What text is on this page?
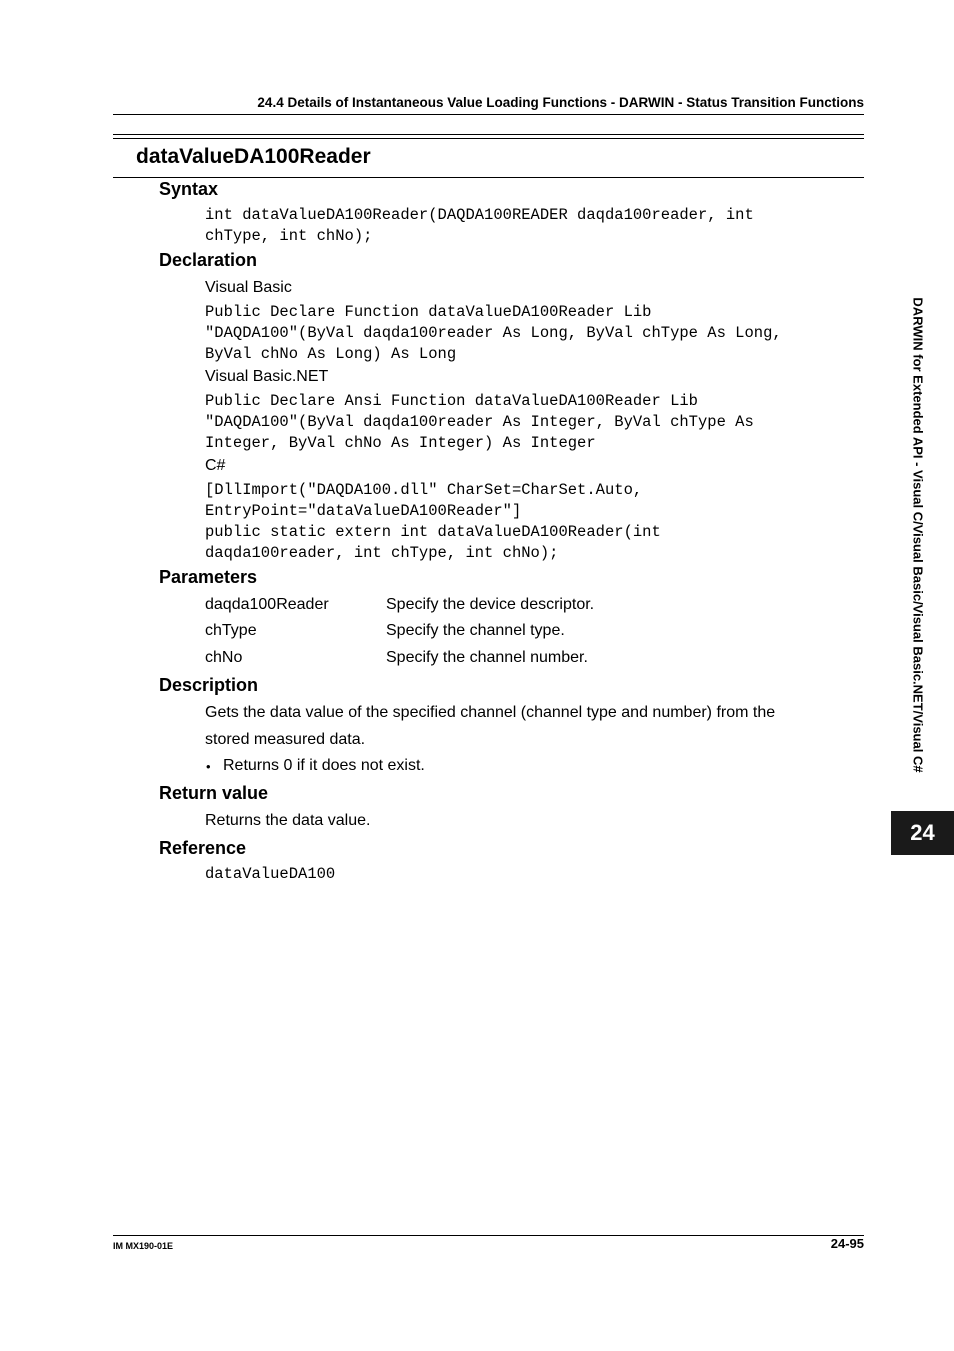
24.4 Details of Instantaneous Value Loading Functions - DARWIN - Status Transition Functions
dataValueDA100Reader
Syntax
int dataValueDA100Reader(DAQDA100READER daqda100reader, int
chType, int chNo);
Declaration
Visual Basic
Public Declare Function dataValueDA100Reader Lib
"DAQDA100"(ByVal daqda100reader As Long, ByVal chType As Long,
ByVal chNo As Long) As Long
Visual Basic.NET
Public Declare Ansi Function dataValueDA100Reader Lib
"DAQDA100"(ByVal daqda100reader As Integer, ByVal chType As
Integer, ByVal chNo As Integer) As Integer
C#
[DllImport("DAQDA100.dll" CharSet=CharSet.Auto,
EntryPoint="dataValueDA100Reader"]
public static extern int dataValueDA100Reader(int
daqda100reader, int chType, int chNo);
Parameters
daqda100Reader	Specify the device descriptor.
chType	Specify the channel type.
chNo	Specify the channel number.
Description
Gets the data value of the specified channel (channel type and number) from the
stored measured data.
• Returns 0 if it does not exist.
Return value
Returns the data value.
Reference
dataValueDA100
DARWIN for Extended API - Visual C/Visual Basic/Visual Basic.NET/Visual C#
24
IM MX190-01E	24-95
